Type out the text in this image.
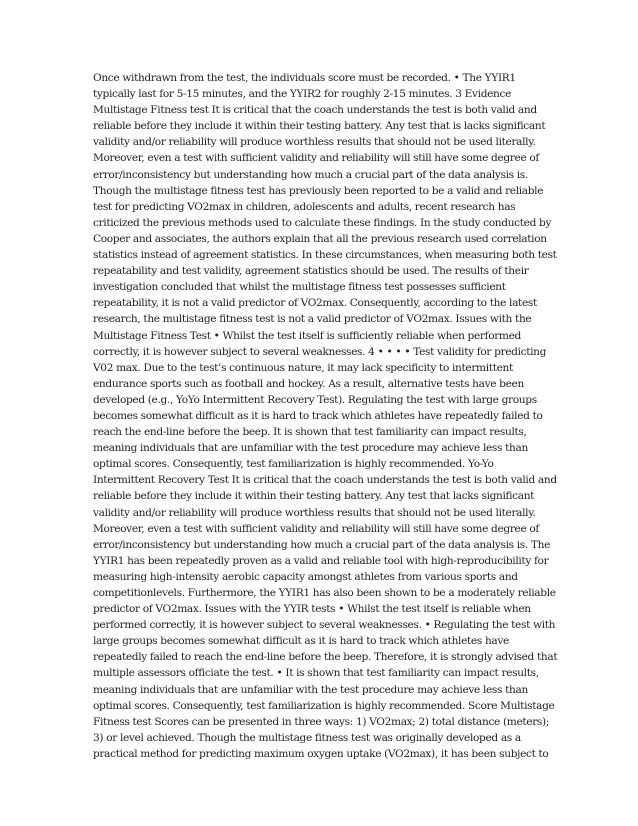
Once withdrawn from the test, the individuals score must be recorded. • The YYIR1
typically last for 5-15 minutes, and the YYIR2 for roughly 2-15 minutes. 3 Evidence
Multistage Fitness test It is critical that the coach understands the test is both valid and
reliable before they include it within their testing battery. Any test that is lacks significant
validity and/or reliability will produce worthless results that should not be used literally.
Moreover, even a test with sufficient validity and reliability will still have some degree of
error/inconsistency but understanding how much a crucial part of the data analysis is.
Though the multistage fitness test has previously been reported to be a valid and reliable
test for predicting VO2max in children, adolescents and adults, recent research has
criticized the previous methods used to calculate these findings. In the study conducted by
Cooper and associates, the authors explain that all the previous research used correlation
statistics instead of agreement statistics. In these circumstances, when measuring both test
repeatability and test validity, agreement statistics should be used. The results of their
investigation concluded that whilst the multistage fitness test possesses sufficient
repeatability, it is not a valid predictor of VO2max. Consequently, according to the latest
research, the multistage fitness test is not a valid predictor of VO2max. Issues with the
Multistage Fitness Test • Whilst the test itself is sufficiently reliable when performed
correctly, it is however subject to several weaknesses. 4 • • • • Test validity for predicting
V02 max. Due to the test’s continuous nature, it may lack specificity to intermittent
endurance sports such as football and hockey. As a result, alternative tests have been
developed (e.g., YoYo Intermittent Recovery Test). Regulating the test with large groups
becomes somewhat difficult as it is hard to track which athletes have repeatedly failed to
reach the end-line before the beep. It is shown that test familiarity can impact results,
meaning individuals that are unfamiliar with the test procedure may achieve less than
optimal scores. Consequently, test familiarization is highly recommended. Yo-Yo
Intermittent Recovery Test It is critical that the coach understands the test is both valid and
reliable before they include it within their testing battery. Any test that lacks significant
validity and/or reliability will produce worthless results that should not be used literally.
Moreover, even a test with sufficient validity and reliability will still have some degree of
error/inconsistency but understanding how much a crucial part of the data analysis is. The
YYIR1 has been repeatedly proven as a valid and reliable tool with high-reproducibility for
measuring high-intensity aerobic capacity amongst athletes from various sports and
competitionlevels. Furthermore, the YYIR1 has also been shown to be a moderately reliable
predictor of VO2max. Issues with the YYIR tests • Whilst the test itself is reliable when
performed correctly, it is however subject to several weaknesses. • Regulating the test with
large groups becomes somewhat difficult as it is hard to track which athletes have
repeatedly failed to reach the end-line before the beep. Therefore, it is strongly advised that
multiple assessors officiate the test. • It is shown that test familiarity can impact results,
meaning individuals that are unfamiliar with the test procedure may achieve less than
optimal scores. Consequently, test familiarization is highly recommended. Score Multistage
Fitness test Scores can be presented in three ways: 1) VO2max; 2) total distance (meters);
3) or level achieved. Though the multistage fitness test was originally developed as a
practical method for predicting maximum oxygen uptake (VO2max), it has been subject to
